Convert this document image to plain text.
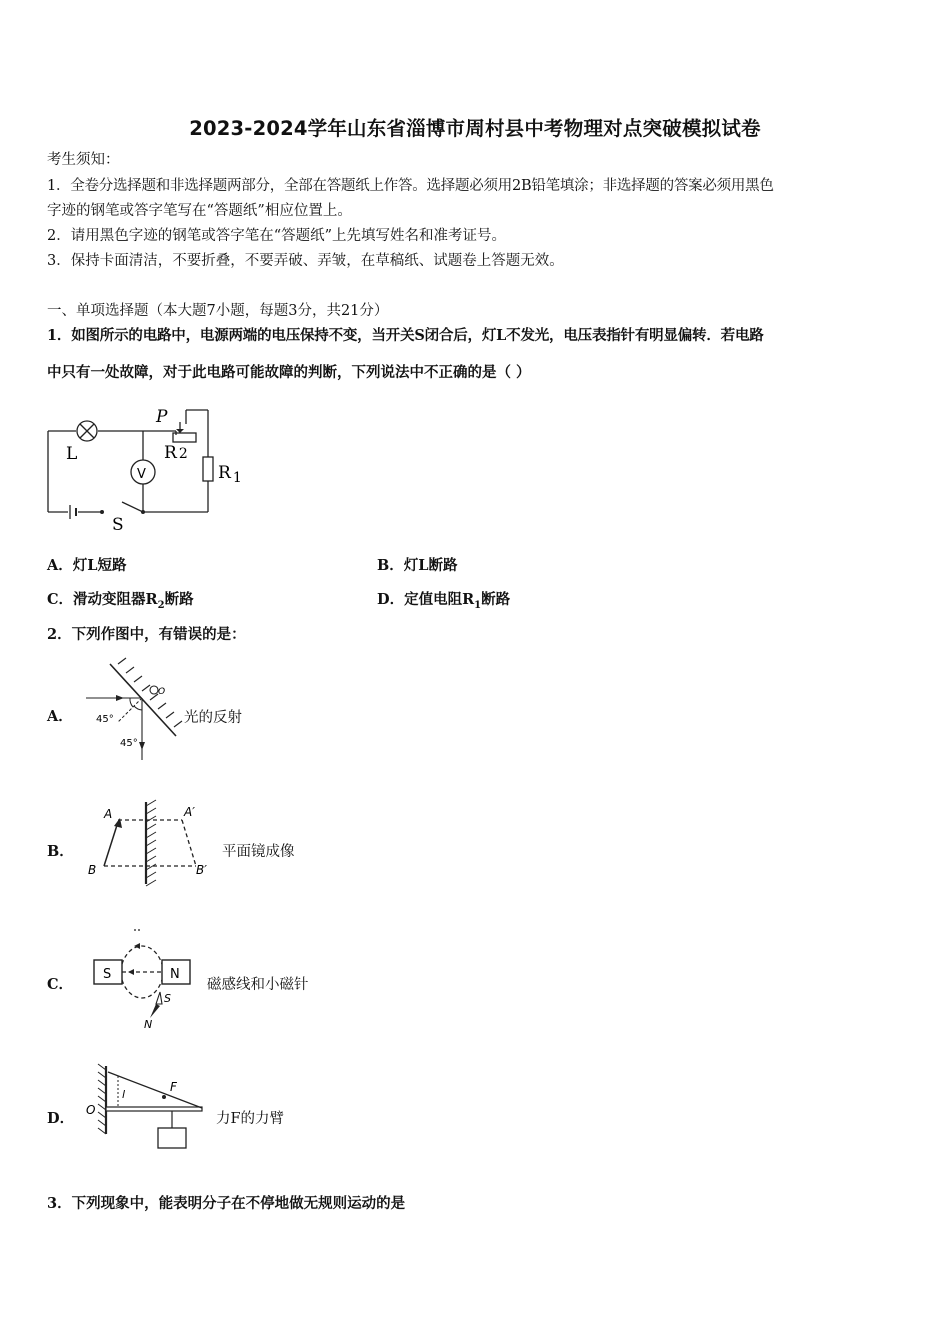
2023-2024学年山东省淄博市周村县中考物理对点突破模拟试卷
考生须知：
1．全卷分选择题和非选择题两部分，全部在答题纸上作答。选择题必须用2B铅笔填涂；非选择题的答案必须用黑色
字迹的钢笔或答字笔写在“答题纸”相应位置上。
2．请用黑色字迹的钢笔或答字笔在“答题纸”上先填写姓名和准考证号。
3．保持卡面清洁，不要折叠，不要弄破、弄皱，在草稿纸、试题卷上答题无效。
一、单项选择题（本大题7小题，每题3分，共21分）
1．如图所示的电路中，电源两端的电压保持不变，当开关S闭合后，灯L不发光，电压表指针有明显偏转．若电路
中只有一处故障，对于此电路可能故障的判断，下列说法中不正确的是（ ）
L
V
P
R 2
R $_1$
S
A．灯L短路	B．灯L断路
C．滑动变阻器$R_2$断路	D．定值电阻$R_1$断路
2．下列作图中，有错误的是：
A． 45°
45°
O
光的反射
B．
A
B
A′
B′
平面镜成像
C．
S	N
S
N
磁感线和小磁针
D． O
F
l
力F的力臂
3．下列现象中，能表明分子在不停地做无规则运动的是
